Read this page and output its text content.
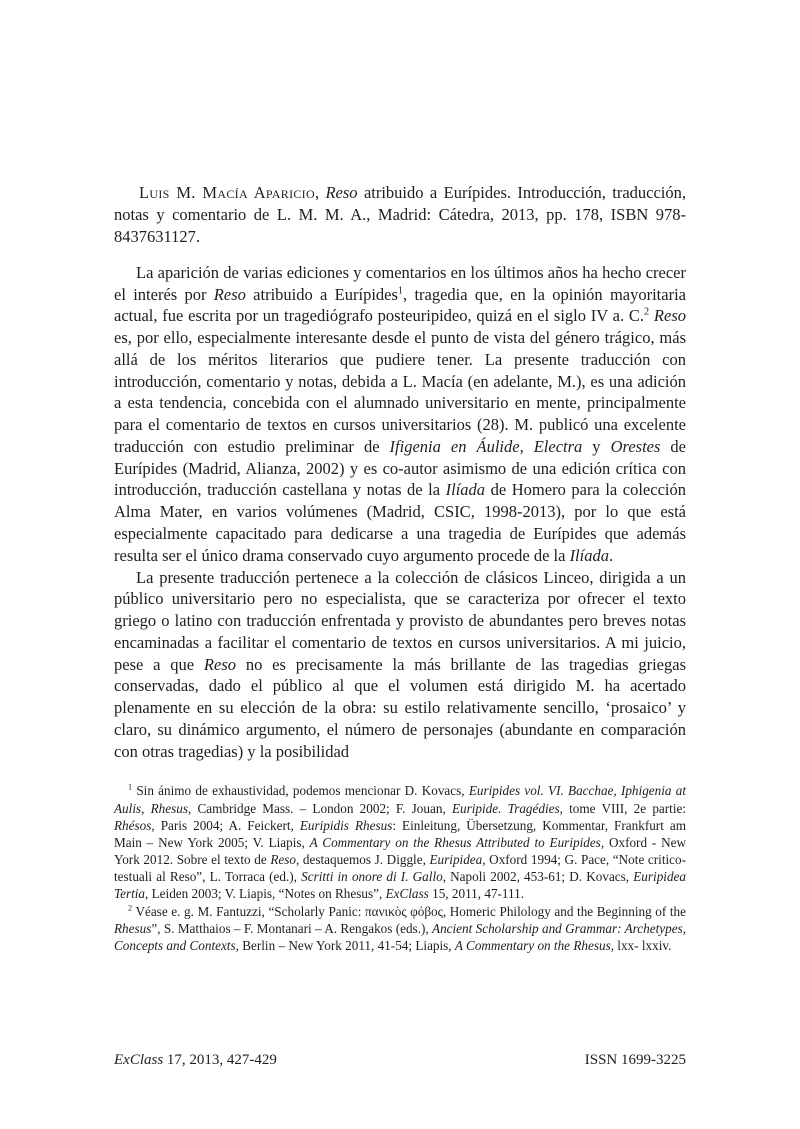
Luis M. Macía Aparicio, Reso atribuido a Eurípides. Introducción, traducción, notas y comentario de L. M. M. A., Madrid: Cátedra, 2013, pp. 178, ISBN 978-8437631127.

La aparición de varias ediciones y comentarios en los últimos años ha hecho crecer el interés por Reso atribuido a Eurípides$^1$, tragedia que, en la opinión mayoritaria actual, fue escrita por un tragediógrafo posteuripideo, quizá en el siglo IV a. C.$^2$ Reso es, por ello, especialmente interesante desde el punto de vista del género trágico, más allá de los méritos literarios que pudiere tener. La presente traducción con introducción, comentario y notas, debida a L. Macía (en adelante, M.), es una adición a esta tendencia, concebida con el alumnado universitario en mente, principalmente para el comentario de textos en cursos universitarios (28). M. publicó una excelente traducción con estudio preliminar de Ifigenia en Áulide, Electra y Orestes de Eurípides (Madrid, Alianza, 2002) y es co-autor asimismo de una edición crítica con introducción, traducción castellana y notas de la Ilíada de Homero para la colección Alma Mater, en varios volúmenes (Madrid, CSIC, 1998-2013), por lo que está especialmente capacitado para dedicarse a una tragedia de Eurípides que además resulta ser el único drama conservado cuyo argumento procede de la Ilíada.

La presente traducción pertenece a la colección de clásicos Linceo, dirigida a un público universitario pero no especialista, que se caracteriza por ofrecer el texto griego o latino con traducción enfrentada y provisto de abundantes pero breves notas encaminadas a facilitar el comentario de textos en cursos universitarios. A mi juicio, pese a que Reso no es precisamente la más brillante de las tragedias griegas conservadas, dado el público al que el volumen está dirigido M. ha acertado plenamente en su elección de la obra: su estilo relativamente sencillo, ‘prosaico’ y claro, su dinámico argumento, el número de personajes (abundante en comparación con otras tragedias) y la posibilidad

$^1$ Sin ánimo de exhaustividad, podemos mencionar D. Kovacs, Euripides vol. VI. Bacchae, Iphigenia at Aulis, Rhesus, Cambridge Mass. – London 2002; F. Jouan, Euripide. Tragédies, tome VIII, 2e partie: Rhésos, Paris 2004; A. Feickert, Euripidis Rhesus: Einleitung, Übersetzung, Kommentar, Frankfurt am Main – New York 2005; V. Liapis, A Commentary on the Rhesus Attributed to Euripides, Oxford - New York 2012. Sobre el texto de Reso, destaquemos J. Diggle, Euripidea, Oxford 1994; G. Pace, “Note critico-testuali al Reso”, L. Torraca (ed.), Scritti in onore di I. Gallo, Napoli 2002, 453-61; D. Kovacs, Euripidea Tertia, Leiden 2003; V. Liapis, “Notes on Rhesus”, ExClass 15, 2011, 47-111.

$^2$ Véase e. g. M. Fantuzzi, “Scholarly Panic: πανικὸς φόβος, Homeric Philology and the Beginning of the Rhesus”, S. Matthaios – F. Montanari – A. Rengakos (eds.), Ancient Scholarship and Grammar: Archetypes, Concepts and Contexts, Berlin – New York 2011, 41-54; Liapis, A Commentary on the Rhesus, lxx- lxxiv.

ExClass 17, 2013, 427-429	ISSN 1699-3225
